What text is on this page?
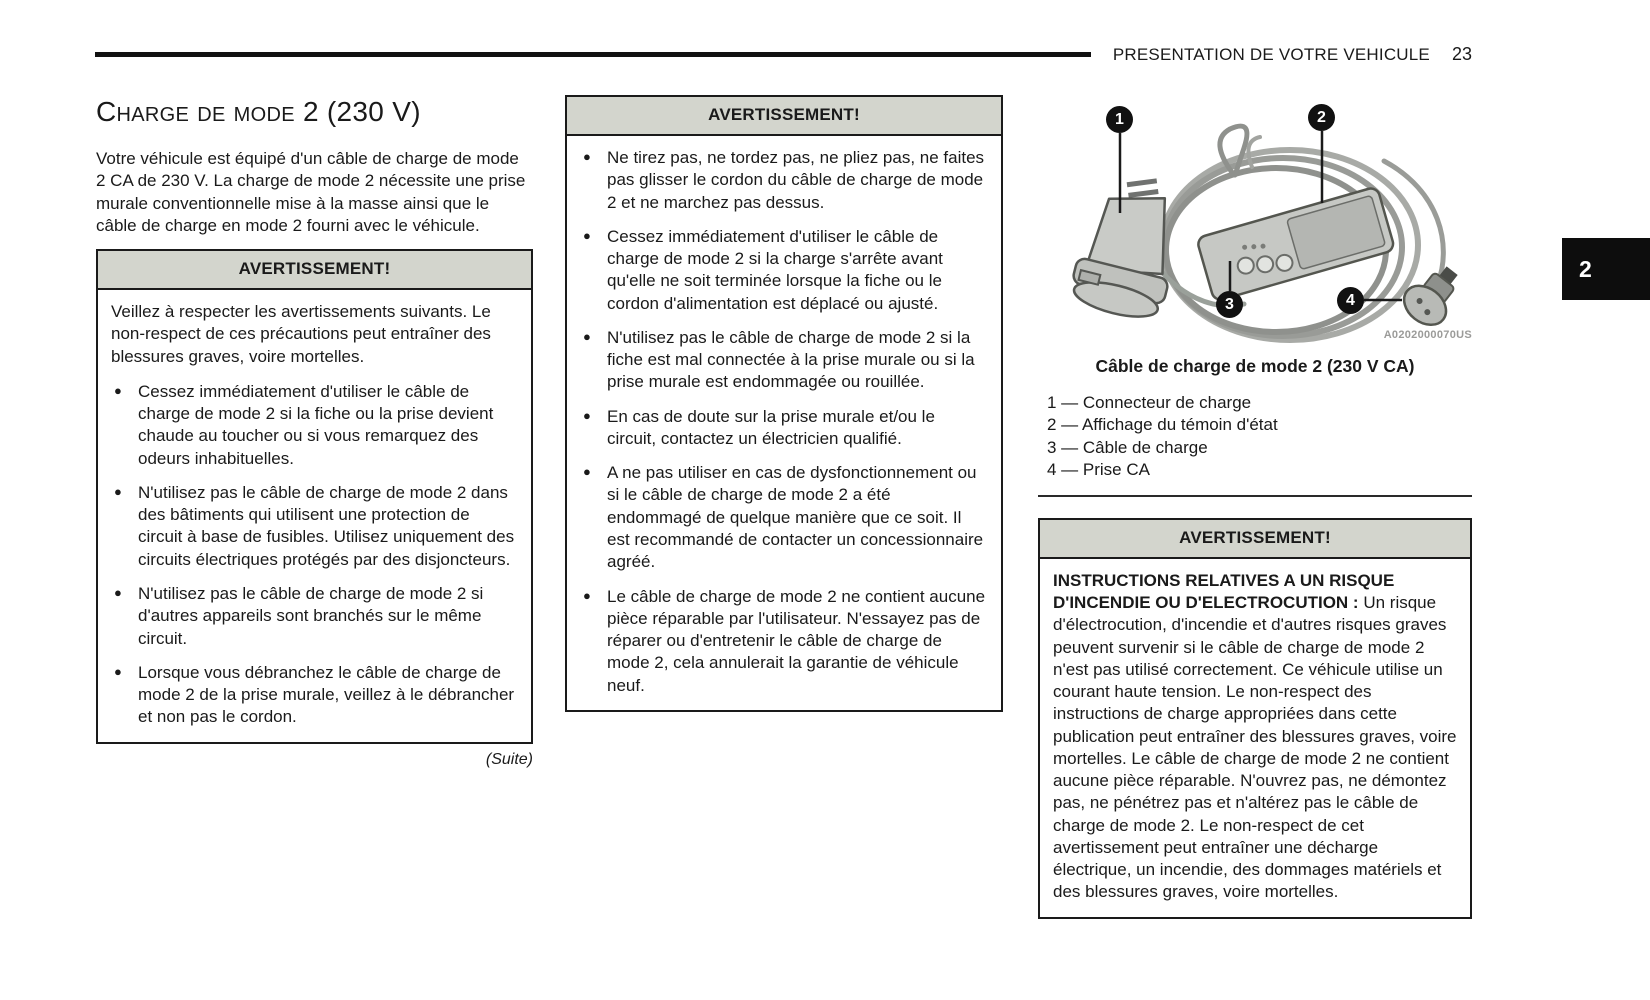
PRESENTATION DE VOTRE VEHICULE 23
2
Charge de mode 2 (230 V)

Votre véhicule est équipé d'un câble de charge de mode 2 CA de 230 V. La charge de mode 2 nécessite une prise murale conventionnelle mise à la masse ainsi que le câble de charge en mode 2 fourni avec le véhicule.

AVERTISSEMENT!

Veillez à respecter les avertissements suivants. Le non-respect de ces précautions peut entraîner des blessures graves, voire mortelles.

● Cessez immédiatement d'utiliser le câble de charge de mode 2 si la fiche ou la prise devient chaude au toucher ou si vous remarquez des odeurs inhabituelles.
● N'utilisez pas le câble de charge de mode 2 dans des bâtiments qui utilisent une protection de circuit à base de fusibles. Utilisez uniquement des circuits électriques protégés par des disjoncteurs.
● N'utilisez pas le câble de charge de mode 2 si d'autres appareils sont branchés sur le même circuit.
● Lorsque vous débranchez le câble de charge de mode 2 de la prise murale, veillez à le débrancher et non pas le cordon.
(Suite)
AVERTISSEMENT!
● Ne tirez pas, ne tordez pas, ne pliez pas, ne faites pas glisser le cordon du câble de charge de mode 2 et ne marchez pas dessus.
● Cessez immédiatement d'utiliser le câble de charge de mode 2 si la charge s'arrête avant qu'elle ne soit terminée lorsque la fiche ou le cordon d'alimentation est déplacé ou ajusté.
● N'utilisez pas le câble de charge de mode 2 si la fiche est mal connectée à la prise murale ou si la prise murale est endommagée ou rouillée.
● En cas de doute sur la prise murale et/ou le circuit, contactez un électricien qualifié.
● A ne pas utiliser en cas de dysfonctionnement ou si le câble de charge de mode 2 a été endommagé de quelque manière que ce soit. Il est recommandé de contacter un concessionnaire agréé.
● Le câble de charge de mode 2 ne contient aucune pièce réparable par l'utilisateur. N'essayez pas de réparer ou d'entretenir le câble de charge de mode 2, cela annulerait la garantie de véhicule neuf.
1	2
3	4
A0202000070US
Câble de charge de mode 2 (230 V CA)
1 — Connecteur de charge
2 — Affichage du témoin d'état
3 — Câble de charge
4 — Prise CA
AVERTISSEMENT!

INSTRUCTIONS RELATIVES A UN RISQUE D'INCENDIE OU D'ELECTROCUTION : Un risque d'électrocution, d'incendie et d'autres risques graves peuvent survenir si le câble de charge de mode 2 n'est pas utilisé correctement. Ce véhicule utilise un courant haute tension. Le non-respect des instructions de charge appropriées dans cette publication peut entraîner des blessures graves, voire mortelles. Le câble de charge de mode 2 ne contient aucune pièce réparable. N'ouvrez pas, ne démontez pas, ne pénétrez pas et n'altérez pas le câble de charge de mode 2. Le non-respect de cet avertissement peut entraîner une décharge électrique, un incendie, des dommages matériels et des blessures graves, voire mortelles.
